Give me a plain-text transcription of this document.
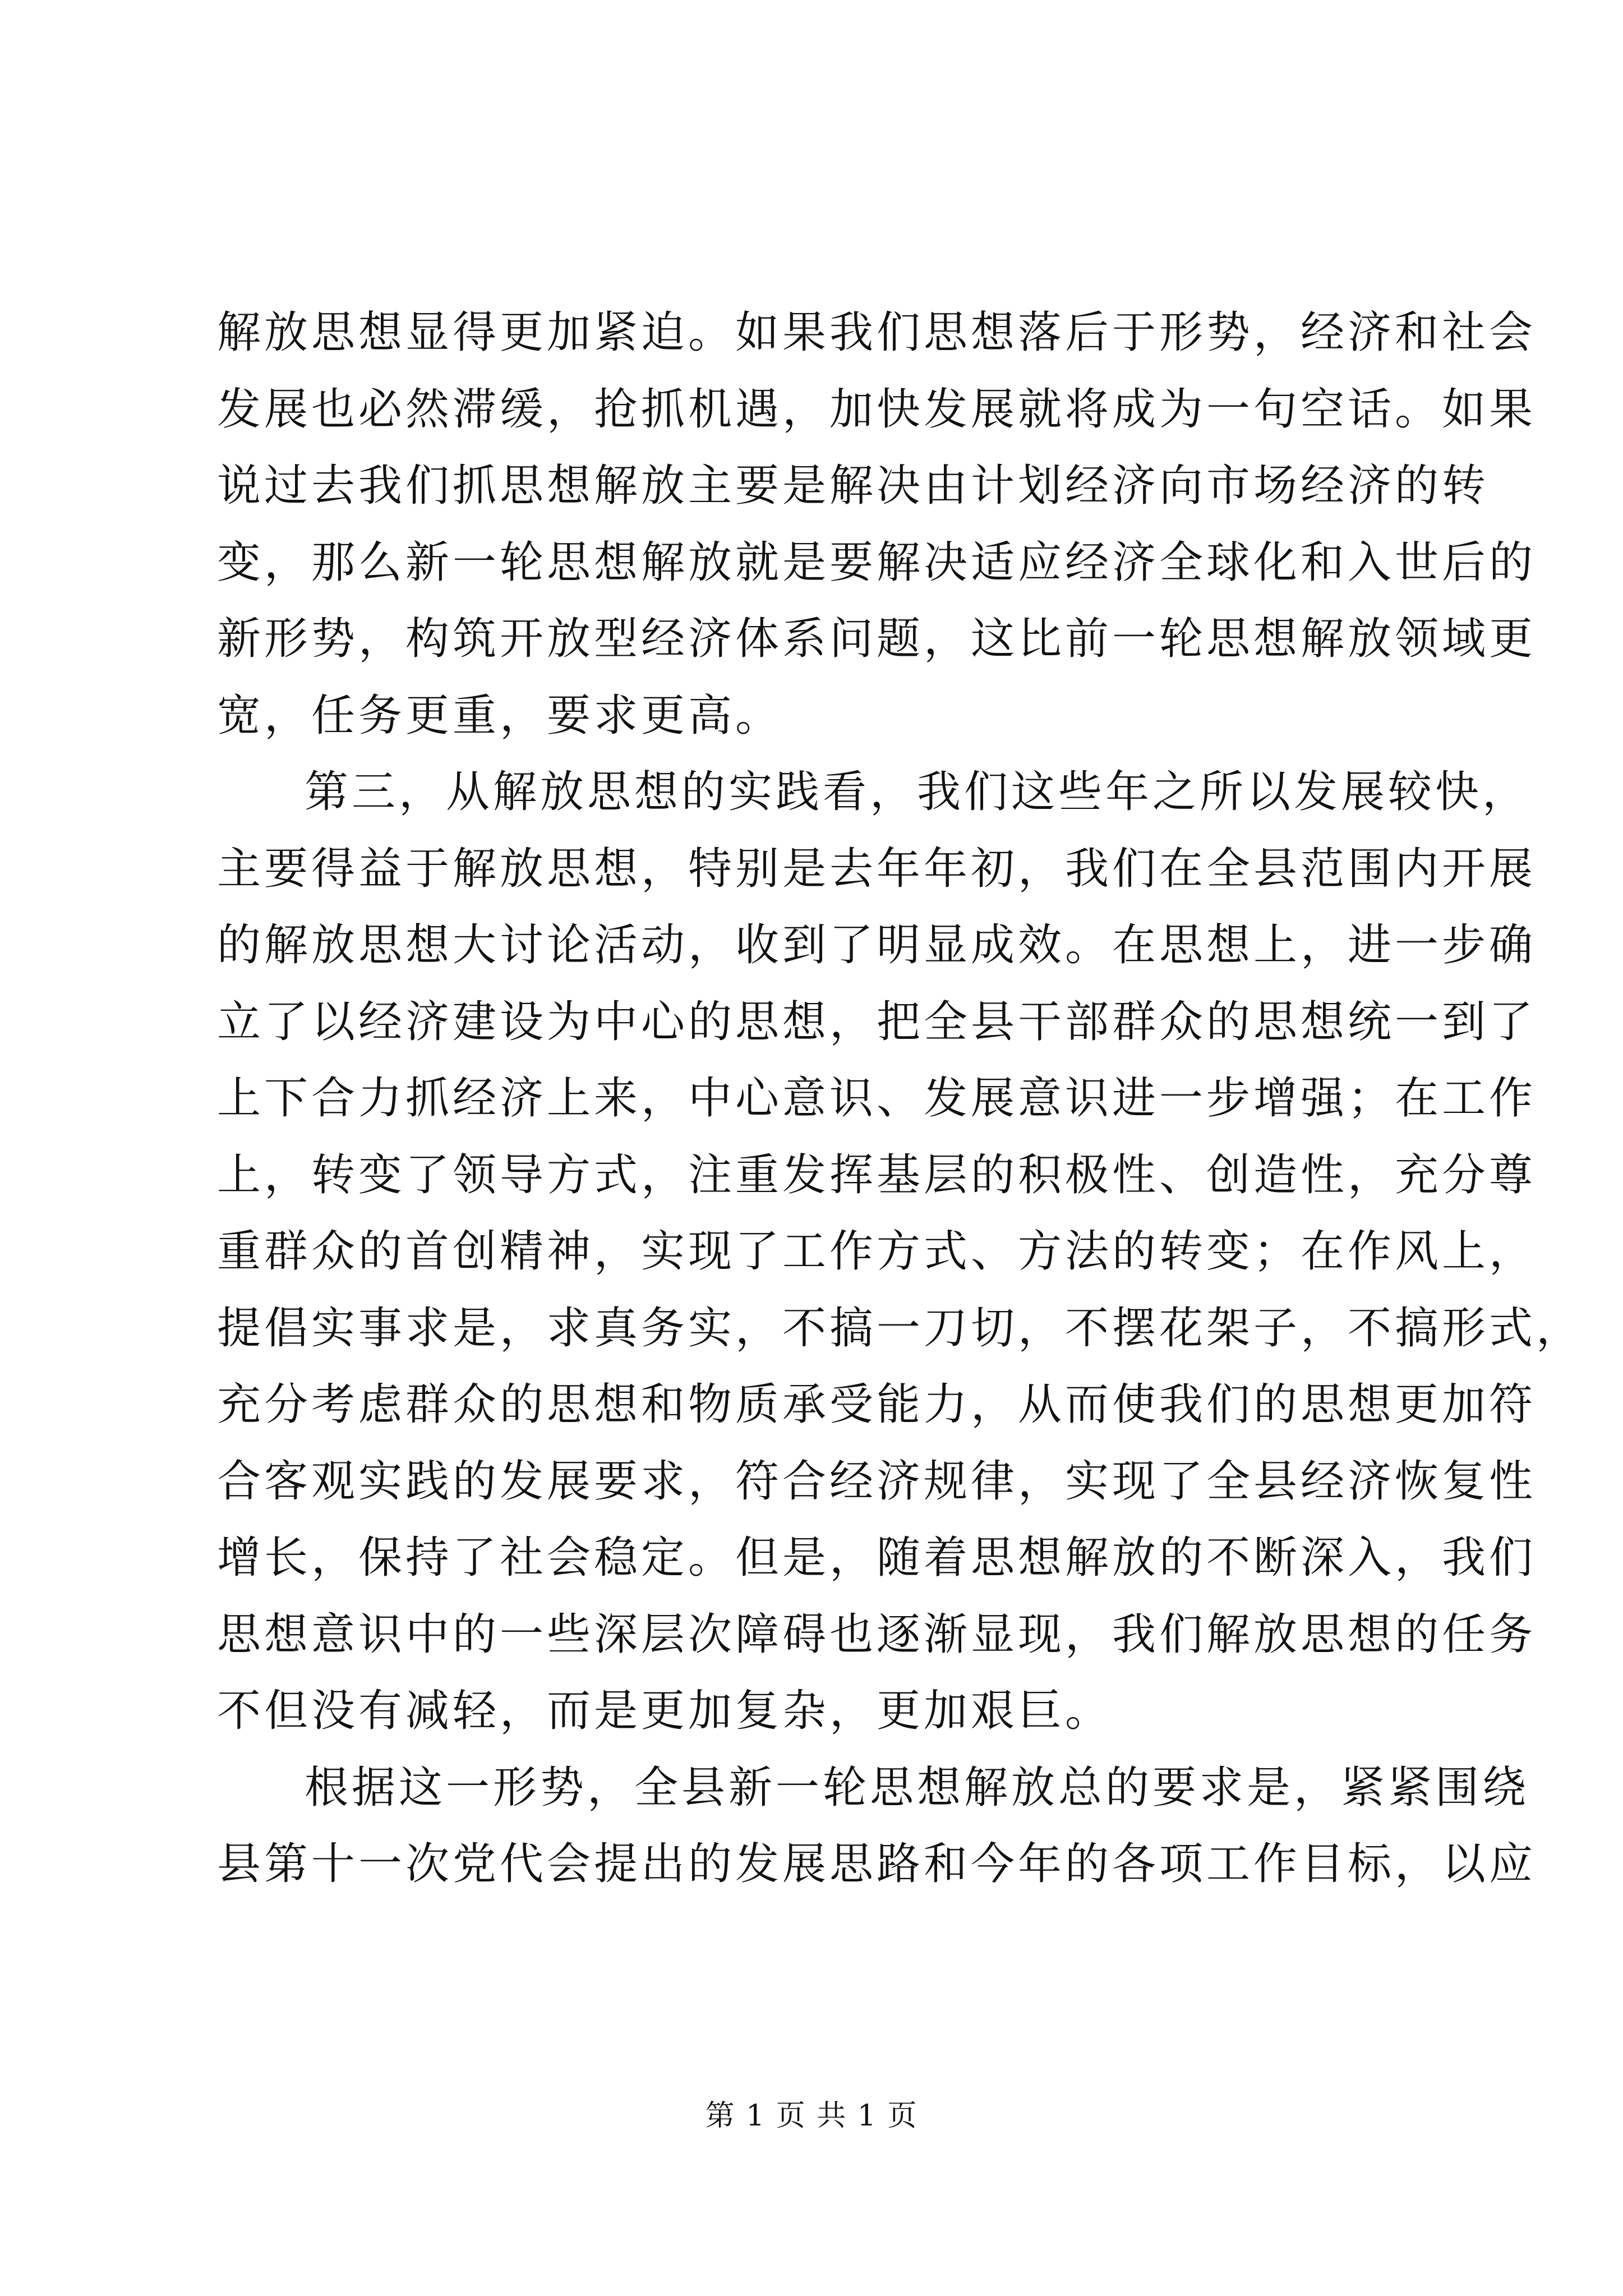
解放思想显得更加紧迫。如果我们思想落后于形势，经济和社会
发展也必然滞缓，抢抓机遇，加快发展就将成为一句空话。如果
说过去我们抓思想解放主要是解决由计划经济向市场经济的转
变，那么新一轮思想解放就是要解决适应经济全球化和入世后的
新形势，构筑开放型经济体系问题，这比前一轮思想解放领域更
宽，任务更重，要求更高。
第三，从解放思想的实践看，我们这些年之所以发展较快，
主要得益于解放思想，特别是去年年初，我们在全县范围内开展
的解放思想大讨论活动，收到了明显成效。在思想上，进一步确
立了以经济建设为中心的思想，把全县干部群众的思想统一到了
上下合力抓经济上来，中心意识、发展意识进一步增强；在工作
上，转变了领导方式，注重发挥基层的积极性、创造性，充分尊
重群众的首创精神，实现了工作方式、方法的转变；在作风上，
提倡实事求是，求真务实，不搞一刀切，不摆花架子，不搞形式，
充分考虑群众的思想和物质承受能力，从而使我们的思想更加符
合客观实践的发展要求，符合经济规律，实现了全县经济恢复性
增长，保持了社会稳定。但是，随着思想解放的不断深入，我们
思想意识中的一些深层次障碍也逐渐显现，我们解放思想的任务
不但没有减轻，而是更加复杂，更加艰巨。
根据这一形势，全县新一轮思想解放总的要求是，紧紧围绕
县第十一次党代会提出的发展思路和今年的各项工作目标，以应
第 1 页 共 1 页
